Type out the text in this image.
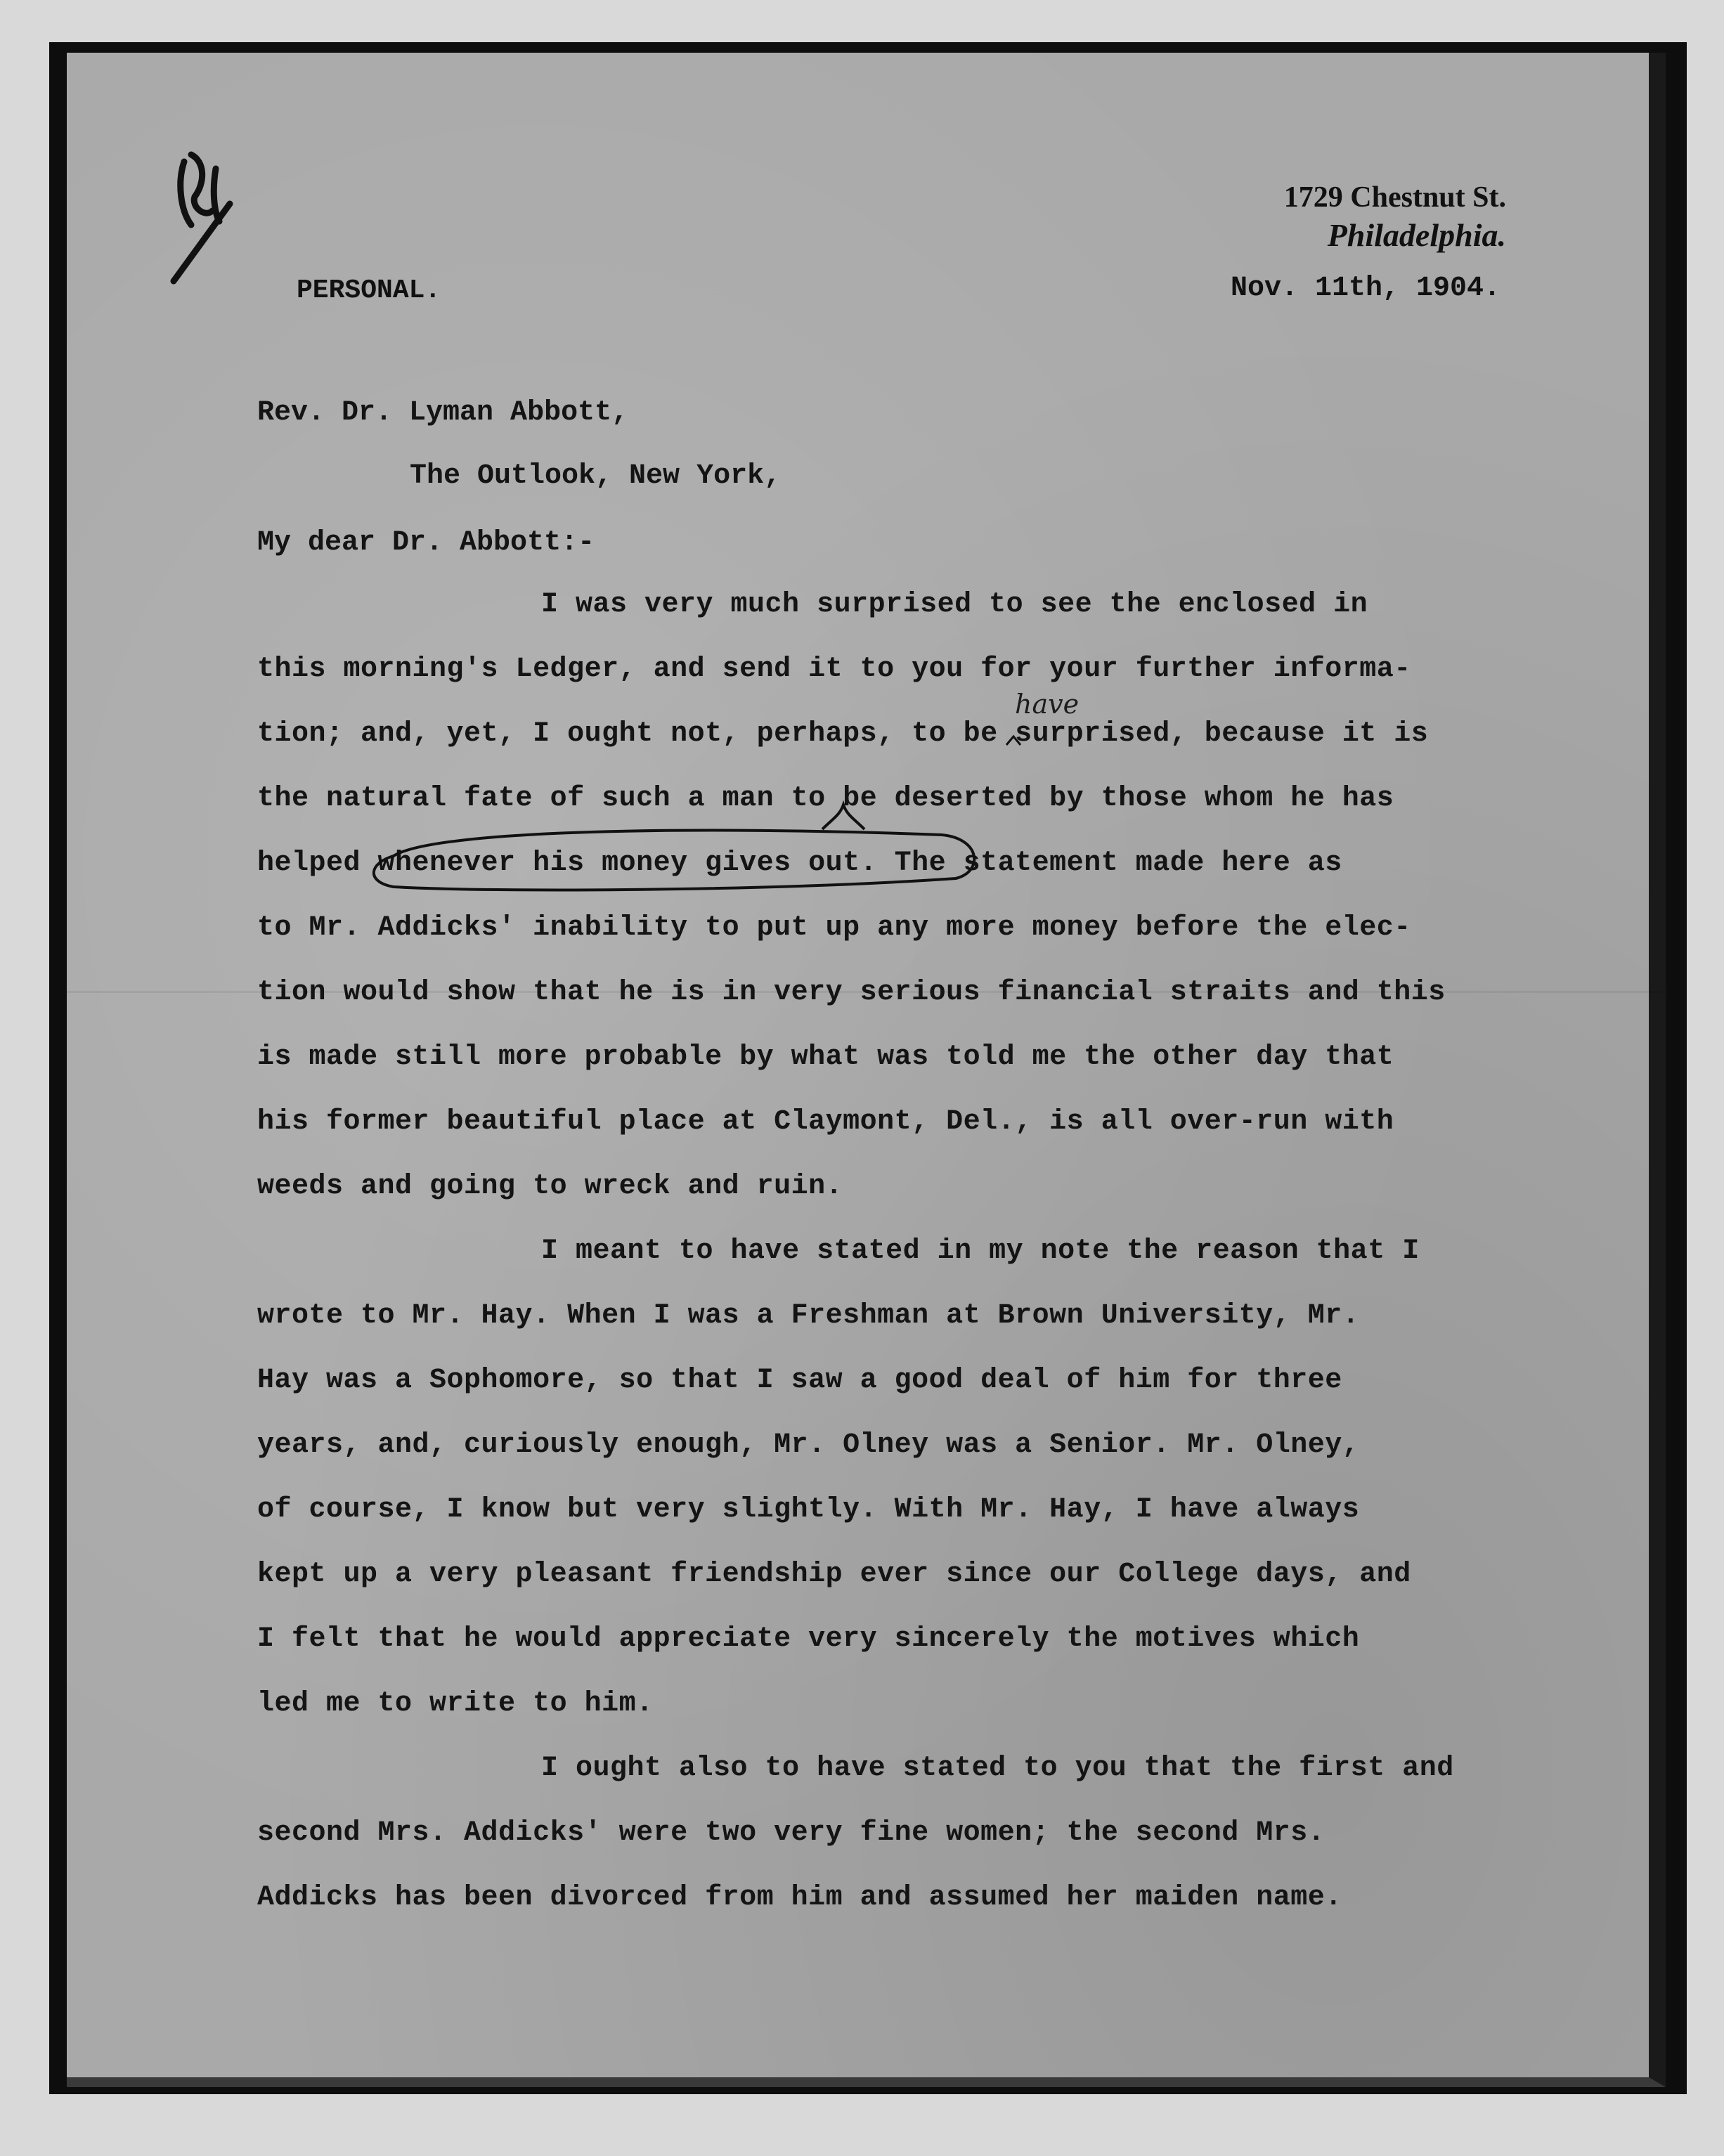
1729 Chestnut St.
Philadelphia.
PERSONAL.	Nov. 11th, 1904.
Rev. Dr. Lyman Abbott,
The Outlook, New York,
My dear Dr. Abbott:-
I was very much surprised to see the enclosed in
this morning's Ledger, and send it to you for your further informa-
tion; and, yet, I ought not, perhaps, to be surprised, because it is
the natural fate of such a man to be deserted by those whom he has
helped whenever his money gives out. The statement made here as
to Mr. Addicks' inability to put up any more money before the elec-
tion would show that he is in very serious financial straits and this
is made still more probable by what was told me the other day that
his former beautiful place at Claymont, Del., is all over-run with
weeds and going to wreck and ruin.
I meant to have stated in my note the reason that I
wrote to Mr. Hay. When I was a Freshman at Brown University, Mr.
Hay was a Sophomore, so that I saw a good deal of him for three
years, and, curiously enough, Mr. Olney was a Senior. Mr. Olney,
of course, I know but very slightly. With Mr. Hay, I have always
kept up a very pleasant friendship ever since our College days, and
I felt that he would appreciate very sincerely the motives which
led me to write to him.
I ought also to have stated to you that the first and
second Mrs. Addicks' were two very fine women; the second Mrs.
Addicks has been divorced from him and assumed her maiden name.
have
